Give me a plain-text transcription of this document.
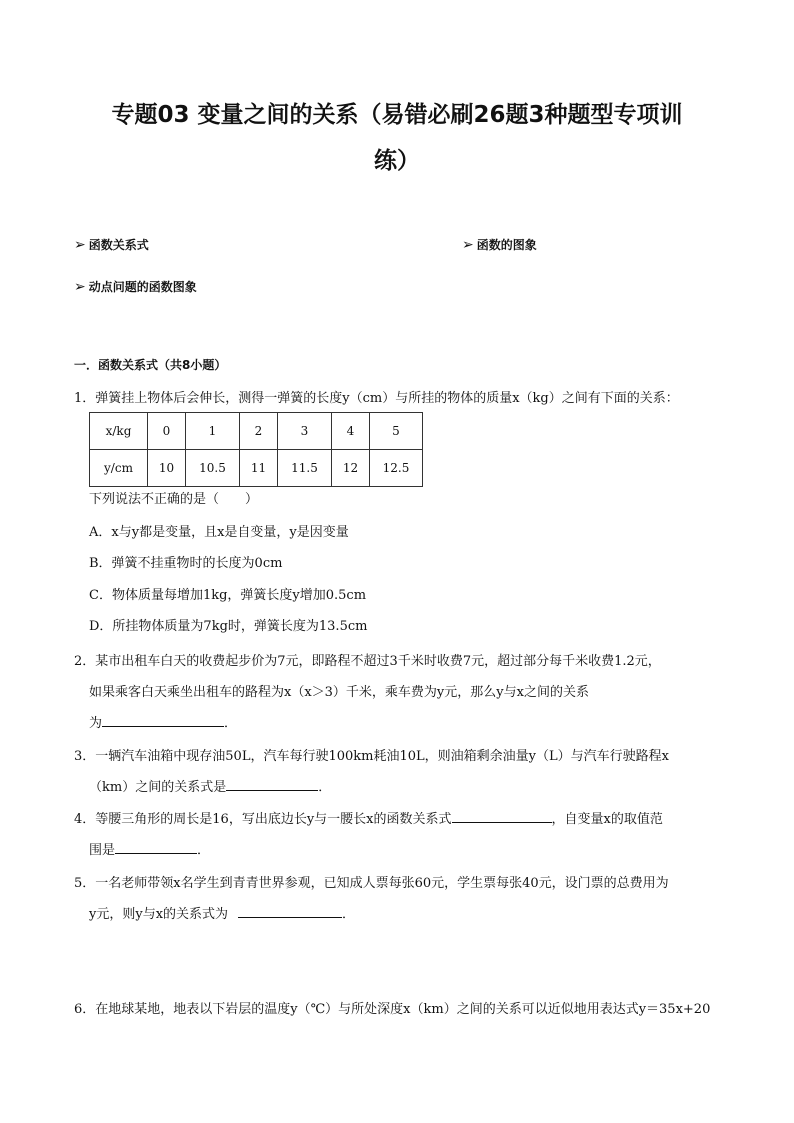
专题03 变量之间的关系（易错必刷26题3种题型专项训
练）
➢ 函数关系式	➢ 函数的图象
➢ 动点问题的函数图象
一．函数关系式（共8小题）
1．弹簧挂上物体后会伸长，测得一弹簧的长度y（cm）与所挂的物体的质量x（kg）之间有下面的关系：
x/kg	0	1	2	3	4	5
y/cm	10	10.5	11	11.5	12	12.5
下列说法不正确的是（　　）
A．x与y都是变量，且x是自变量，y是因变量
B．弹簧不挂重物时的长度为0cm
C．物体质量每增加1kg，弹簧长度y增加0.5cm
D．所挂物体质量为7kg时，弹簧长度为13.5cm
2．某市出租车白天的收费起步价为7元，即路程不超过3千米时收费7元，超过部分每千米收费1.2元，
如果乘客白天乘坐出租车的路程为x（x＞3）千米，乘车费为y元，那么y与x之间的关系
为	．
3．一辆汽车油箱中现存油50L，汽车每行驶100km耗油10L，则油箱剩余油量y（L）与汽车行驶路程x
（km）之间的关系式是	．
4．等腰三角形的周长是16，写出底边长y与一腰长x的函数关系式	，自变量x的取值范
围是	．
5．一名老师带领x名学生到青青世界参观，已知成人票每张60元，学生票每张40元，设门票的总费用为
y元，则y与x的关系式为	．
6．在地球某地，地表以下岩层的温度y（℃）与所处深度x（km）之间的关系可以近似地用表达式y＝35x+20
